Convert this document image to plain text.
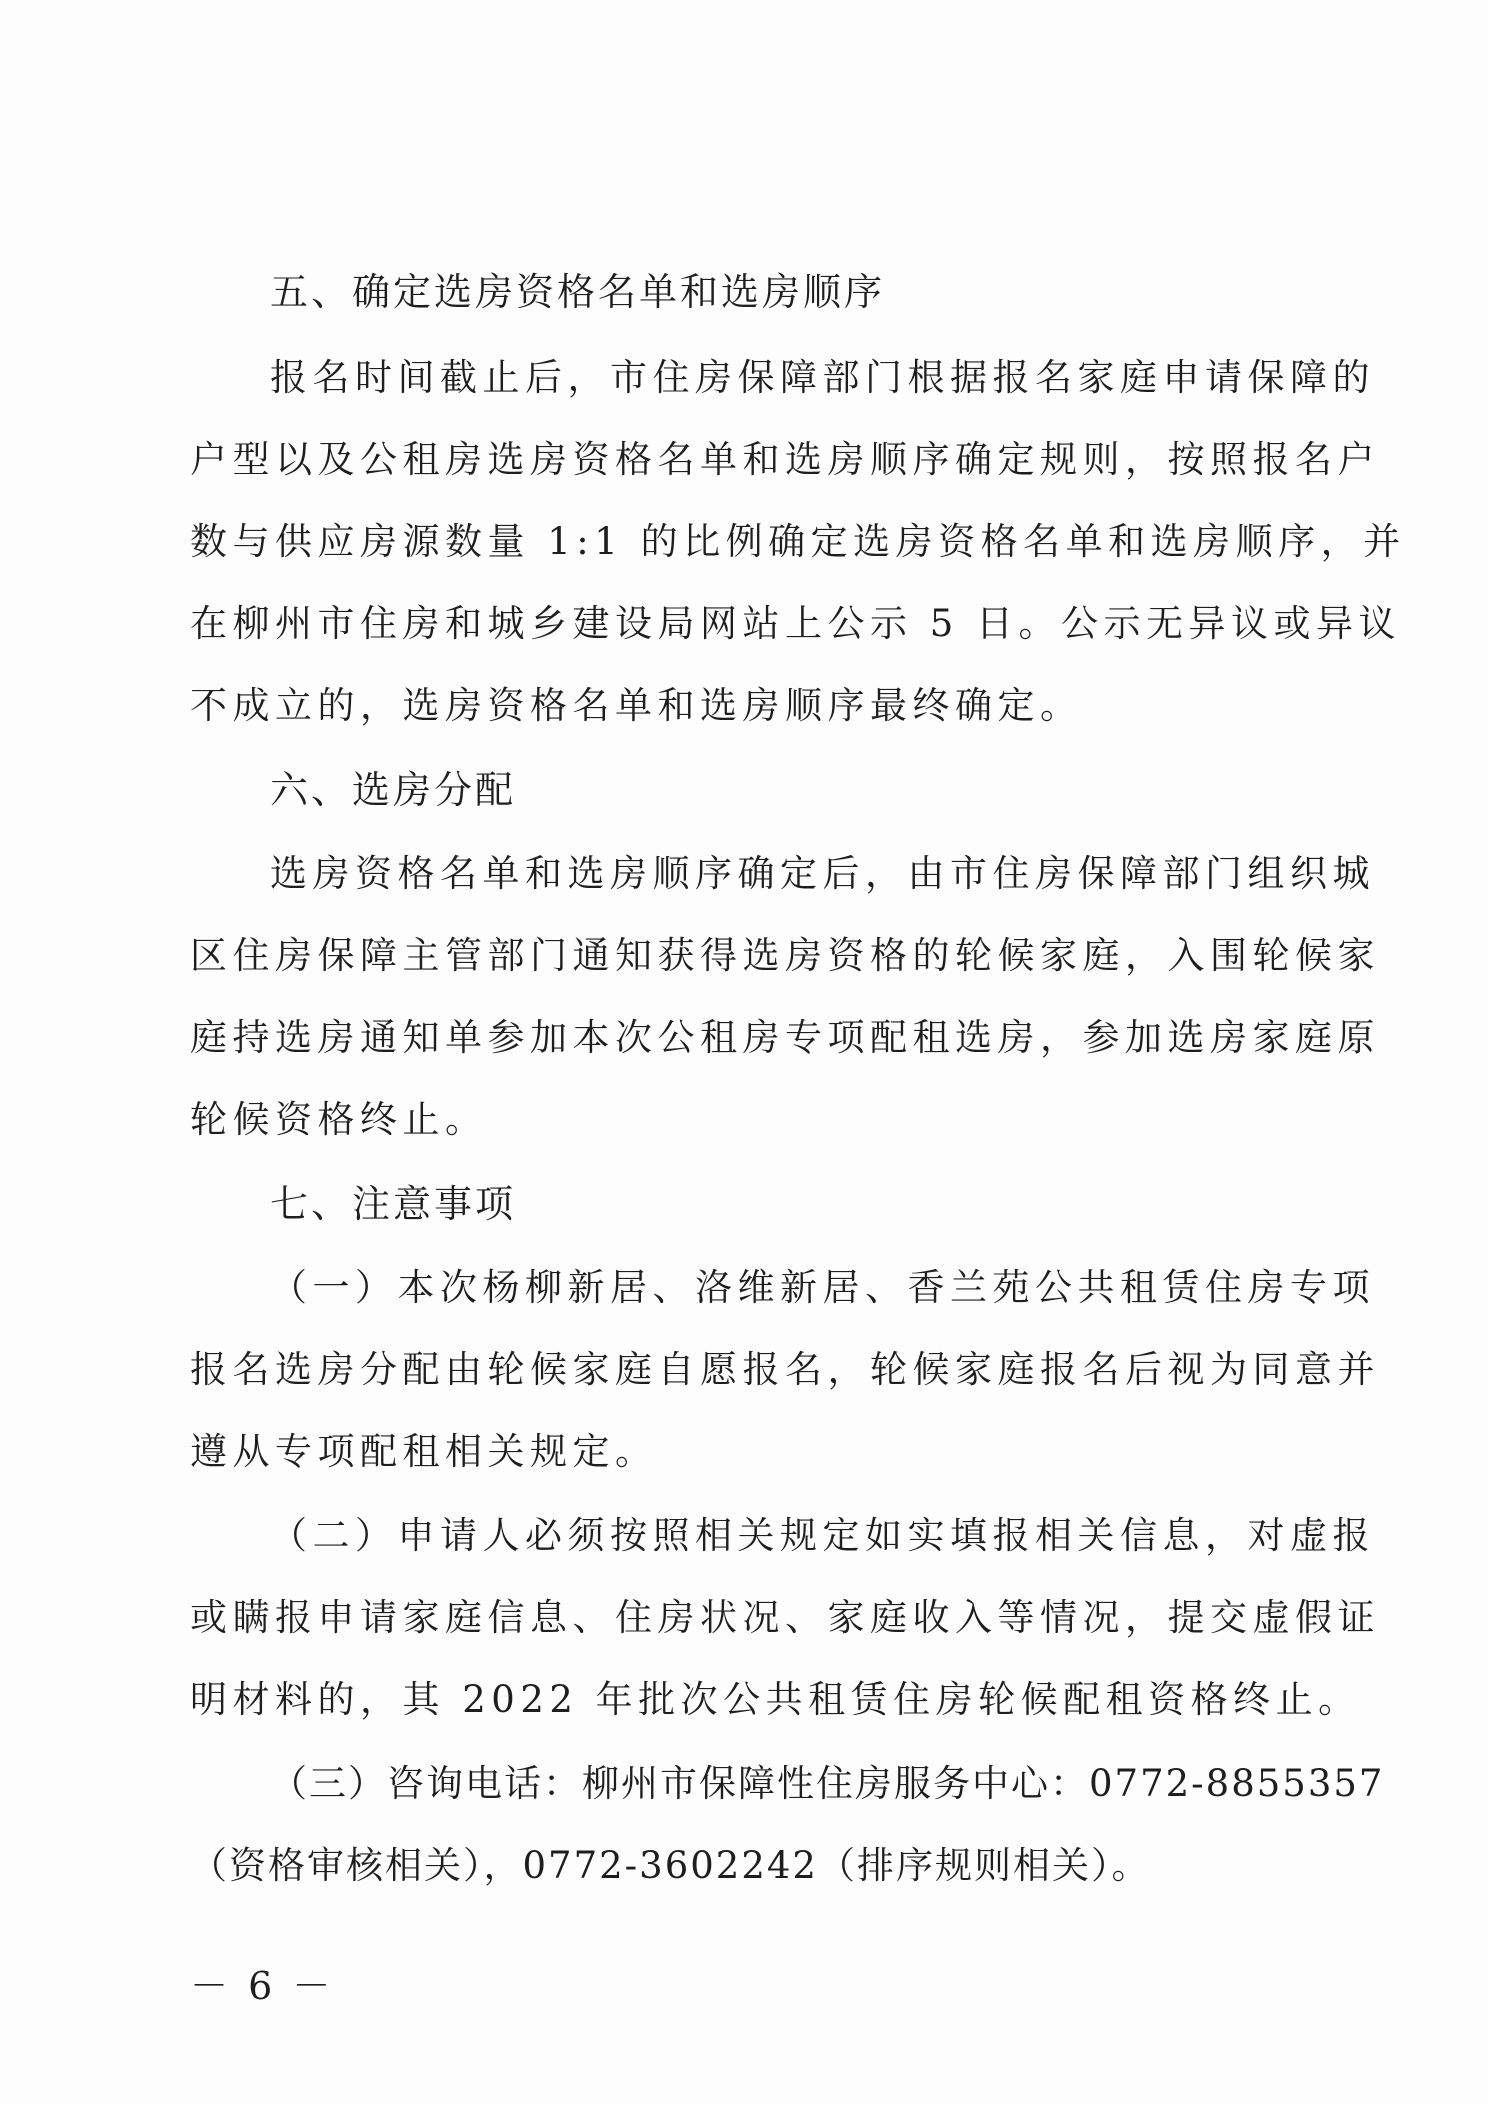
五、确定选房资格名单和选房顺序
报名时间截止后，市住房保障部门根据报名家庭申请保障的
户型以及公租房选房资格名单和选房顺序确定规则，按照报名户
数与供应房源数量 1:1 的比例确定选房资格名单和选房顺序，并
在柳州市住房和城乡建设局网站上公示 5 日。公示无异议或异议
不成立的，选房资格名单和选房顺序最终确定。
六、选房分配
选房资格名单和选房顺序确定后，由市住房保障部门组织城
区住房保障主管部门通知获得选房资格的轮候家庭，入围轮候家
庭持选房通知单参加本次公租房专项配租选房，参加选房家庭原
轮候资格终止。
七、注意事项
（一）本次杨柳新居、洛维新居、香兰苑公共租赁住房专项
报名选房分配由轮候家庭自愿报名，轮候家庭报名后视为同意并
遵从专项配租相关规定。
（二）申请人必须按照相关规定如实填报相关信息，对虚报
或瞒报申请家庭信息、住房状况、家庭收入等情况，提交虚假证
明材料的，其 2022 年批次公共租赁住房轮候配租资格终止。
（三）咨询电话：柳州市保障性住房服务中心：0772-8855357
（资格审核相关），0772-3602242（排序规则相关）。
－ 6 －
